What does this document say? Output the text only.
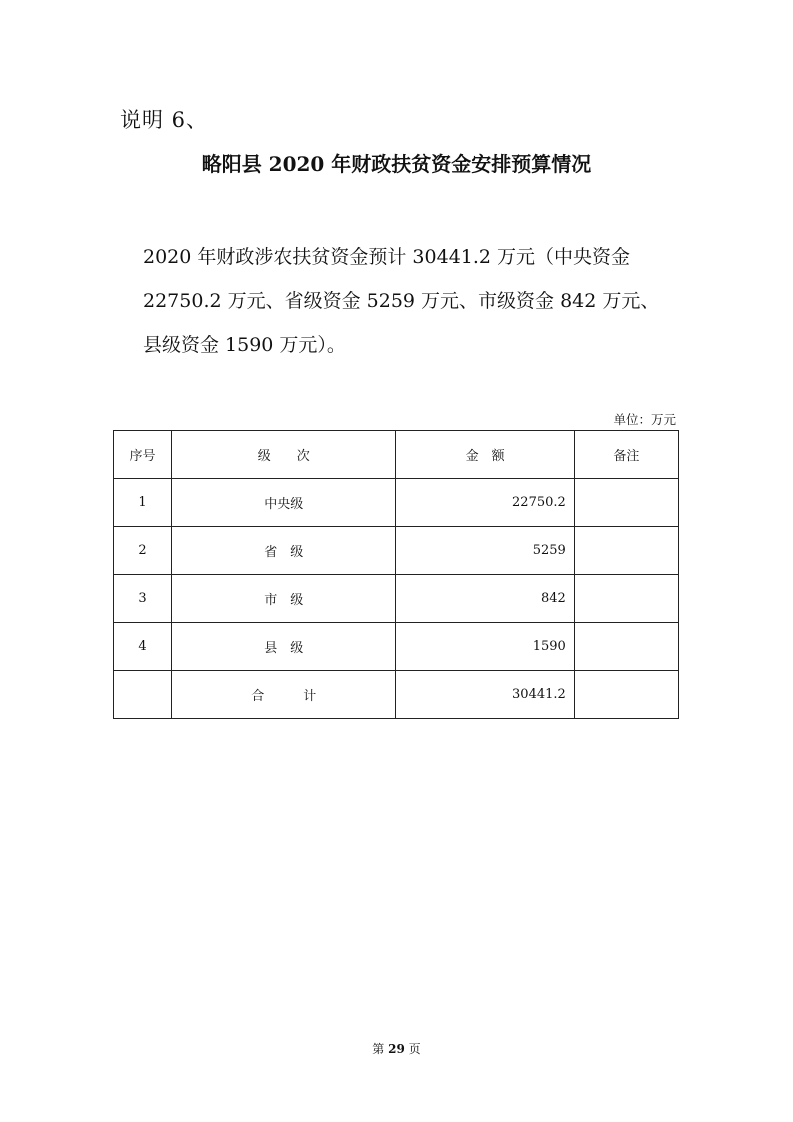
说明 6、
略阳县 2020 年财政扶贫资金安排预算情况

2020 年财政涉农扶贫资金预计 30441.2 万元（中央资金
22750.2 万元、省级资金 5259 万元、市级资金 842 万元、
县级资金 1590 万元）。

单位：万元
序号	级　　次	金　额	备注
1	中央级	22750.2	
2	省　级	5259	
3	市　级	842	
4	县　级	1590	
	合　　　计	30441.2	
第 29 页
